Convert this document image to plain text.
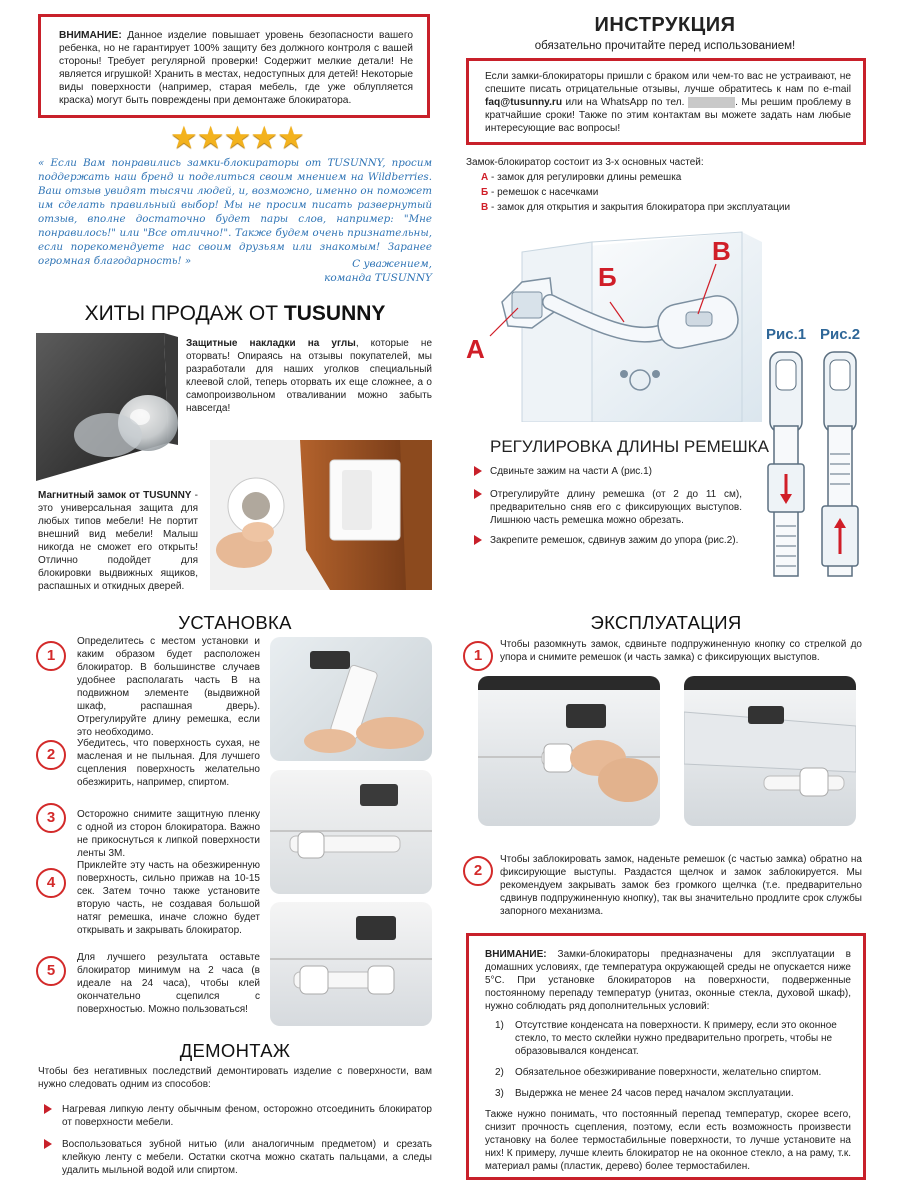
ВНИМАНИЕ: Данное изделие повышает уровень безопасности вашего ребенка, но не гарантирует 100% защиту без должного контроля с вашей стороны! Требует регулярной проверки! Содержит мелкие детали! Не является игрушкой! Хранить в местах, недоступных для детей! Некоторые виды поверхности (например, старая мебель, где уже облупляется краска) могут быть повреждены при демонтаже блокиратора.
★★★★★
« Если Вам понравились замки-блокираторы от TUSUNNY, просим поддержать наш бренд и поделиться своим мнением на Wildberries. Ваш отзыв увидят тысячи людей, и, возможно, именно он поможет им сделать правильный выбор! Мы не просим писать развернутый отзыв, вполне достаточно будет пары слов, например: "Мне понравилось!" или "Все отлично!". Также будем очень признательны, если порекомендуете нас своим друзьям или знакомым! Заранее огромная благодарность! »	С уважением,
команда TUSUNNY
ХИТЫ ПРОДАЖ ОТ TUSUNNY
Защитные накладки на углы, которые не оторвать! Опираясь на отзывы покупателей, мы разработали для наших уголков специальный клеевой слой, теперь оторвать их еще сложнее, а о самопроизвольном отваливании можно забыть навсегда!
Магнитный замок от TUSUNNY - это универсальная защита для любых типов мебели! Не портит внешний вид мебели! Малыш никогда не сможет его открыть! Отлично подойдет для блокировки выдвижных ящиков, распашных и откидных дверей.
УСТАНОВКА
1
Определитесь с местом установки и каким образом будет расположен блокиратор. В большинстве случаев удобнее располагать часть В на подвижном элементе (выдвижной шкаф, распашная дверь). Отрегулируйте длину ремешка, если это необходимо.
2
Убедитесь, что поверхность сухая, не масленая и не пыльная. Для лучшего сцепления поверхность желательно обезжирить, например, спиртом.
3	Осторожно снимите защитную пленку с одной из сторон блокиратора. Важно не прикоснуться к липкой поверхности ленты 3М.
4
Приклейте эту часть на обезжиренную поверхность, сильно прижав на 10-15 сек. Затем точно также установите вторую часть, не создавая большой натяг ремешка, иначе сложно будет открывать и закрывать блокиратор.
5
Для лучшего результата оставьте блокиратор минимум на 2 часа (в идеале на 24 часа), чтобы клей окончательно сцепился с поверхностью. Можно пользоваться!
ДЕМОНТАЖ
Чтобы без негативных последствий демонтировать изделие с поверхности, вам нужно следовать одним из способов:
Нагревая липкую ленту обычным феном, осторожно отсоединить блокиратор от поверхности мебели.
Воспользоваться зубной нитью (или аналогичным предметом) и срезать клейкую ленту с мебели. Остатки скотча можно скатать пальцами, а следы удалить мыльной водой или спиртом.
ИНСТРУКЦИЯ
обязательно прочитайте перед использованием!
Если замки-блокираторы пришли с браком или чем-то вас не устраивают, не спешите писать отрицательные отзывы, лучше обратитесь к нам по e-mail faq@tusunny.ru или на WhatsApp по тел.	. Мы решим проблему в кратчайшие сроки! Также по этим контактам вы можете задать нам любые интересующие вас вопросы!
Замок-блокиратор состоит из 3-х основных частей:
А - замок для регулировки длины ремешка
Б - ремешок с насечками
В - замок для открытия и закрытия блокиратора при эксплуатации
А
Б
В
Рис.1 Рис.2
РЕГУЛИРОВКА ДЛИНЫ РЕМЕШКА
Сдвиньте зажим на части А (рис.1)
Отрегулируйте длину ремешка (от 2 до 11 см), предварительно сняв его с фиксирующих выступов. Лишнюю часть ремешка можно обрезать.
Закрепите ремешок, сдвинув зажим до упора (рис.2).
ЭКСПЛУАТАЦИЯ
1
Чтобы разомкнуть замок, сдвиньте подпружиненную кнопку со стрелкой до упора и снимите ремешок (и часть замка) с фиксирующих выступов.
2
Чтобы заблокировать замок, наденьте ремешок (с частью замка) обратно на фиксирующие выступы. Раздастся щелчок и замок заблокируется. Мы рекомендуем закрывать замок без громкого щелчка (т.е. предварительно сдвинув подпружиненную кнопку), так вы значительно продлите срок службы запорного механизма.
ВНИМАНИЕ: Замки-блокираторы предназначены для эксплуатации в домашних условиях, где температура окружающей среды не опускается ниже 5°С. При установке блокираторов на поверхности, подверженные постоянному перепаду температур (унитаз, оконные стекла, духовой шкаф), нужно соблюдать ряд дополнительных условий:
1)	Отсутствие конденсата на поверхности. К примеру, если это оконное стекло, то место склейки нужно предварительно прогреть, чтобы не образовывался конденсат.
2)	Обязательное обезжиривание поверхности, желательно спиртом.
3)	Выдержка не менее 24 часов перед началом эксплуатации.
Также нужно понимать, что постоянный перепад температур, скорее всего, снизит прочность сцепления, поэтому, если есть возможность произвести установку на более термостабильные поверхности, то лучше установите на них! К примеру, лучше клеить блокиратор не на оконное стекло, а на раму, т.к. материал рамы (пластик, дерево) более термостабилен.
